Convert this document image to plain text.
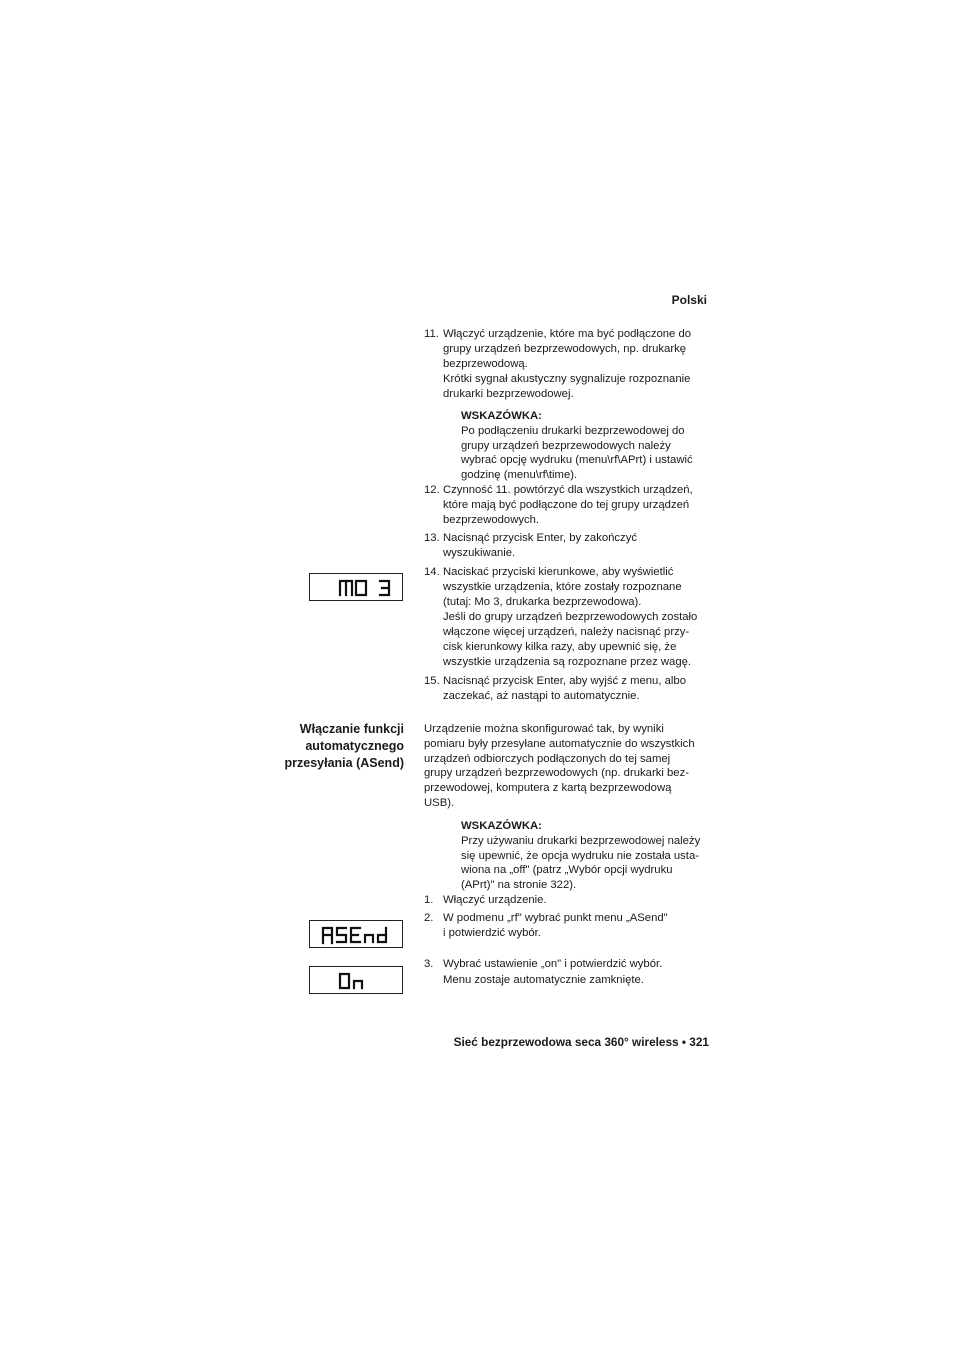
Polski
11. Włączyć urządzenie, które ma być podłączone do
grupy urządzeń bezprzewodowych, np. drukarkę
bezprzewodową.
Krótki sygnał akustyczny sygnalizuje rozpoznanie
drukarki bezprzewodowej.
WSKAZÓWKA:
Po podłączeniu drukarki bezprzewodowej do
grupy urządzeń bezprzewodowych należy
wybrać opcję wydruku (menu\rf\APrt) i ustawić
godzinę (menu\rf\time).
12. Czynność 11. powtórzyć dla wszystkich urządzeń,
które mają być podłączone do tej grupy urządzeń
bezprzewodowych.
13. Nacisnąć przycisk Enter, by zakończyć
wyszukiwanie.
14. Naciskać przyciski kierunkowe, aby wyświetlić
wszystkie urządzenia, które zostały rozpoznane
(tutaj: Mo 3, drukarka bezprzewodowa).
Jeśli do grupy urządzeń bezprzewodowych zostało
włączone więcej urządzeń, należy nacisnąć przy-
cisk kierunkowy kilka razy, aby upewnić się, że
wszystkie urządzenia są rozpoznane przez wagę.
15. Nacisnąć przycisk Enter, aby wyjść z menu, albo
zaczekać, aż nastąpi to automatycznie.
Włączanie funkcji
automatycznego
przesyłania (ASend)
Urządzenie można skonfigurować tak, by wyniki
pomiaru były przesyłane automatycznie do wszystkich
urządzeń odbiorczych podłączonych do tej samej
grupy urządzeń bezprzewodowych (np. drukarki bez-
przewodowej, komputera z kartą bezprzewodową
USB).
WSKAZÓWKA:
Przy używaniu drukarki bezprzewodowej należy
się upewnić, że opcja wydruku nie została usta-
wiona na „off" (patrz „Wybór opcji wydruku
(APrt)" na stronie 322).
1. Włączyć urządzenie.
2. W podmenu „rf" wybrać punkt menu „ASend"
i potwierdzić wybór.
3. Wybrać ustawienie „on" i potwierdzić wybór.
Menu zostaje automatycznie zamknięte.
Sieć bezprzewodowa seca 360° wireless • 321
